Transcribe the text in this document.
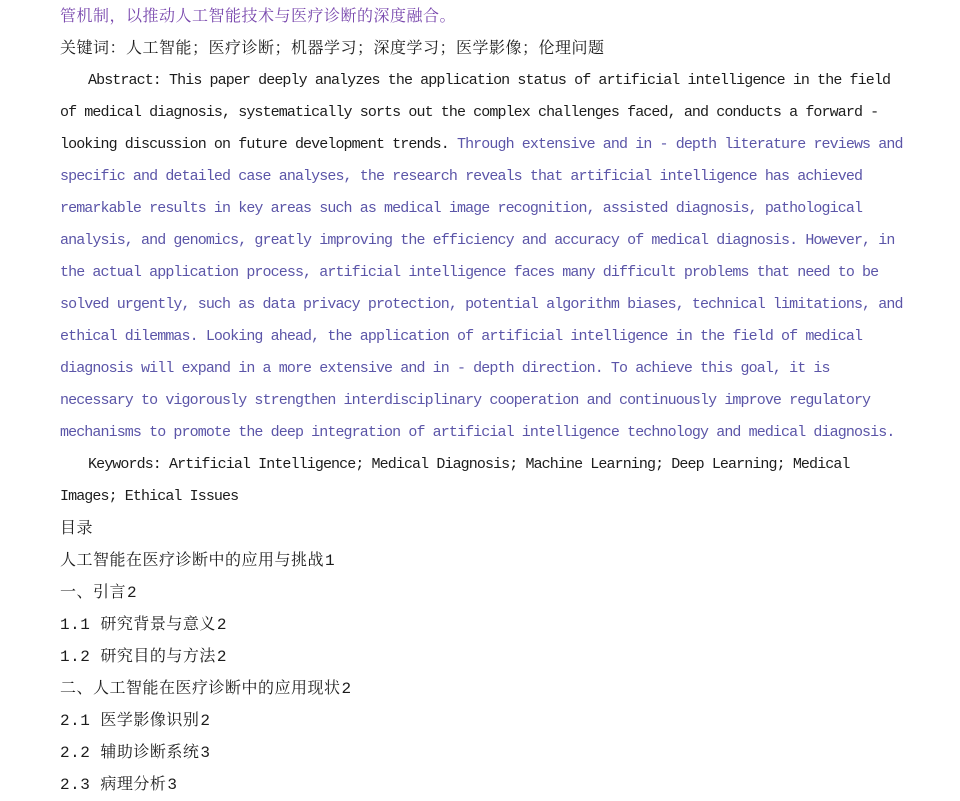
管机制，以推动人工智能技术与医疗诊断的深度融合。

关键词：人工智能；医疗诊断；机器学习；深度学习；医学影像；伦理问题

Abstract: This paper deeply analyzes the application status of artificial intelligence in the field of medical diagnosis, systematically sorts out the complex challenges faced, and conducts a forward - looking discussion on future development trends. Through extensive and in - depth literature reviews and specific and detailed case analyses, the research reveals that artificial intelligence has achieved remarkable results in key areas such as medical image recognition, assisted diagnosis, pathological analysis, and genomics, greatly improving the efficiency and accuracy of medical diagnosis. However, in the actual application process, artificial intelligence faces many difficult problems that need to be solved urgently, such as data privacy protection, potential algorithm biases, technical limitations, and ethical dilemmas. Looking ahead, the application of artificial intelligence in the field of medical diagnosis will expand in a more extensive and in - depth direction. To achieve this goal, it is necessary to vigorously strengthen interdisciplinary cooperation and continuously improve regulatory mechanisms to promote the deep integration of artificial intelligence technology and medical diagnosis.

Keywords: Artificial Intelligence; Medical Diagnosis; Machine Learning; Deep Learning; Medical Images; Ethical Issues

目录

人工智能在医疗诊断中的应用与挑战1

一、引言2

1.1 研究背景与意义2

1.2 研究目的与方法2

二、人工智能在医疗诊断中的应用现状2

2.1 医学影像识别2

2.2 辅助诊断系统3

2.3 病理分析3
